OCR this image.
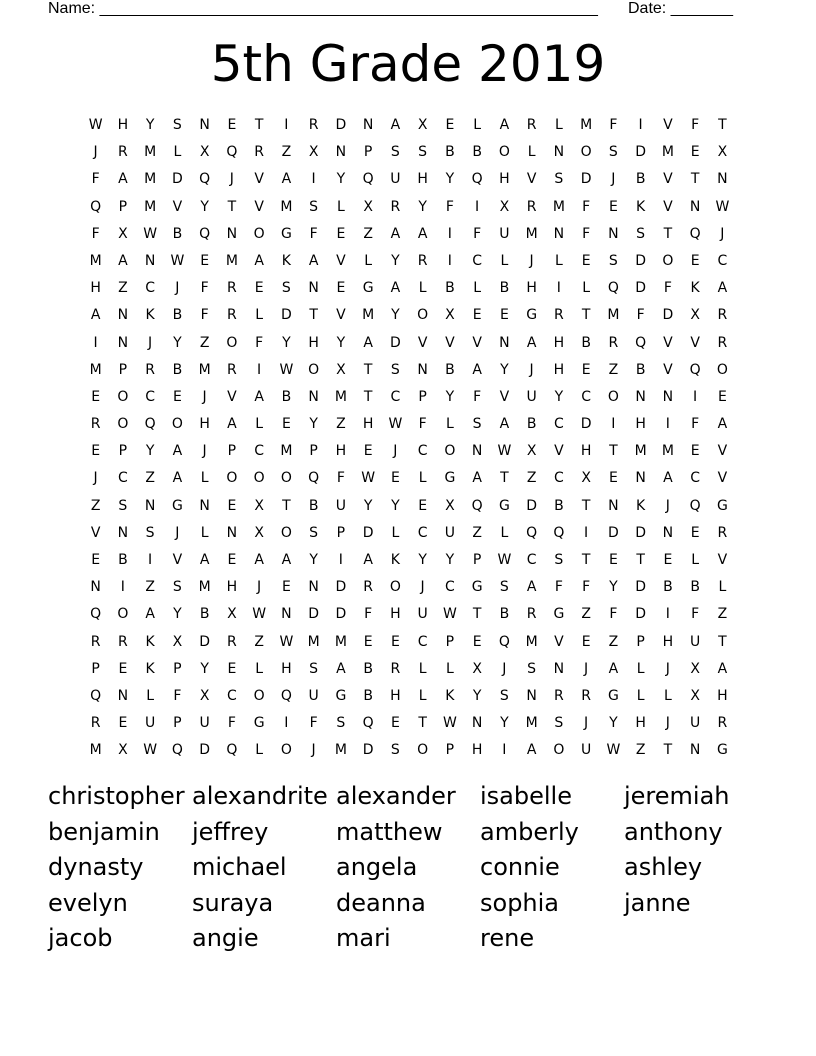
Name: ________________________________________________________ Date: _______
5th Grade 2019
W	H	Y	S	N	E	T	I	R	D	N	A	X	E	L	A	R	L	M	F	I	V	F	T
J	R	M	L	X	Q	R	Z	X	N	P	S	S	B	B	O	L	N	O	S	D	M	E	X
F	A	M	D	Q	J	V	A	I	Y	Q	U	H	Y	Q	H	V	S	D	J	B	V	T	N
Q	P	M	V	Y	T	V	M	S	L	X	R	Y	F	I	X	R	M	F	E	K	V	N	W
F	X	W	B	Q	N	O	G	F	E	Z	A	A	I	F	U	M	N	F	N	S	T	Q	J
M	A	N	W	E	M	A	K	A	V	L	Y	R	I	C	L	J	L	E	S	D	O	E	C
H	Z	C	J	F	R	E	S	N	E	G	A	L	B	L	B	H	I	L	Q	D	F	K	A
A	N	K	B	F	R	L	D	T	V	M	Y	O	X	E	E	G	R	T	M	F	D	X	R
I	N	J	Y	Z	O	F	Y	H	Y	A	D	V	V	V	N	A	H	B	R	Q	V	V	R
M	P	R	B	M	R	I	W	O	X	T	S	N	B	A	Y	J	H	E	Z	B	V	Q	O
E	O	C	E	J	V	A	B	N	M	T	C	P	Y	F	V	U	Y	C	O	N	N	I	E
R	O	Q	O	H	A	L	E	Y	Z	H	W	F	L	S	A	B	C	D	I	H	I	F	A
E	P	Y	A	J	P	C	M	P	H	E	J	C	O	N	W	X	V	H	T	M	M	E	V
J	C	Z	A	L	O	O	O	Q	F	W	E	L	G	A	T	Z	C	X	E	N	A	C	V
Z	S	N	G	N	E	X	T	B	U	Y	Y	E	X	Q	G	D	B	T	N	K	J	Q	G
V	N	S	J	L	N	X	O	S	P	D	L	C	U	Z	L	Q	Q	I	D	D	N	E	R
E	B	I	V	A	E	A	A	Y	I	A	K	Y	Y	P	W	C	S	T	E	T	E	L	V
N	I	Z	S	M	H	J	E	N	D	R	O	J	C	G	S	A	F	F	Y	D	B	B	L
Q	O	A	Y	B	X	W	N	D	D	F	H	U	W	T	B	R	G	Z	F	D	I	F	Z
R	R	K	X	D	R	Z	W	M	M	E	E	C	P	E	Q	M	V	E	Z	P	H	U	T
P	E	K	P	Y	E	L	H	S	A	B	R	L	L	X	J	S	N	J	A	L	J	X	A
Q	N	L	F	X	C	O	Q	U	G	B	H	L	K	Y	S	N	R	R	G	L	L	X	H
R	E	U	P	U	F	G	I	F	S	Q	E	T	W	N	Y	M	S	J	Y	H	J	U	R
M	X	W	Q	D	Q	L	O	J	M	D	S	O	P	H	I	A	O	U	W	Z	T	N	G
christopher alexandrite alexander	isabelle	jeremiah
benjamin	jeffrey	matthew	amberly	anthony
dynasty	michael	angela	connie	ashley
evelyn	suraya	deanna	sophia	janne
jacob	angie	mari	rene
